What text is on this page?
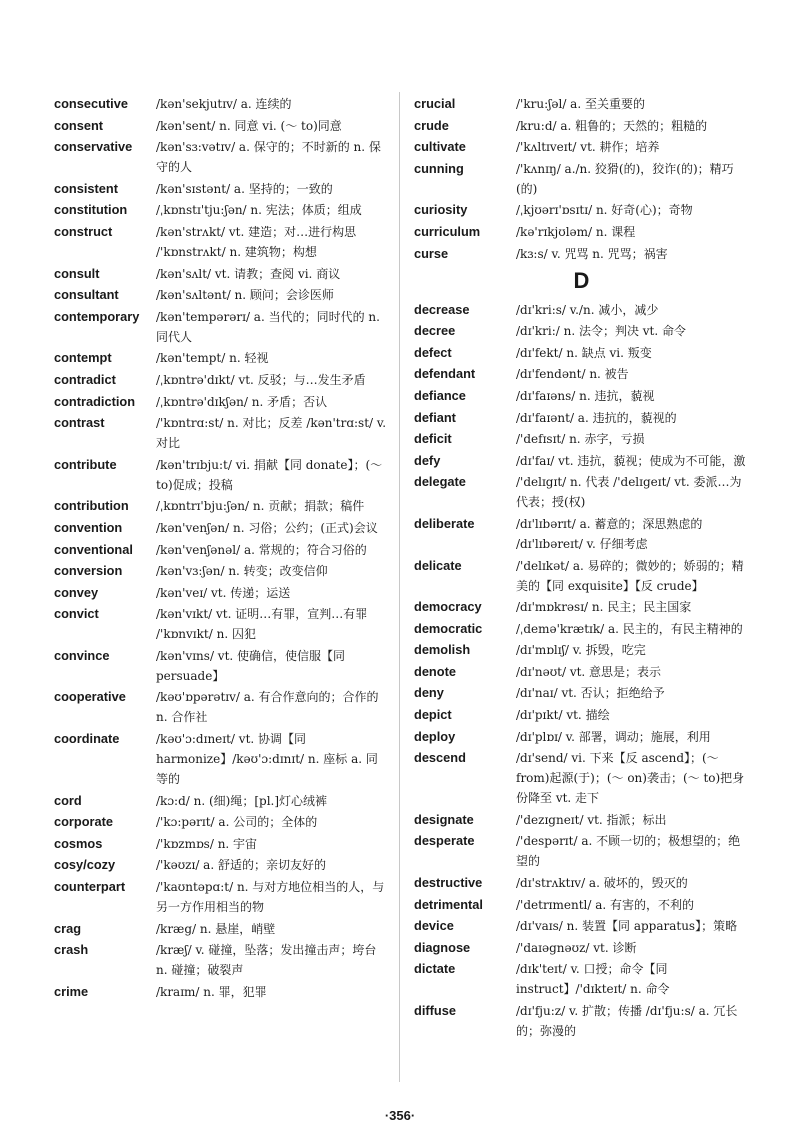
consecutive	/kən'sekjutɪv/ a. 连续的
consent	/kən'sent/ n. 同意 vi. (～ to)同意
conservative	/kən'sɜ:vətɪv/ a. 保守的；不时新的 n. 保守的人
consistent	/kən'sɪstənt/ a. 坚持的；一致的
constitution	/ˌkɒnstɪ'tju:ʃən/ n. 宪法；体质；组成
construct	/kən'strʌkt/ vt. 建造；对…进行构思 /'kɒnstrʌkt/ n. 建筑物；构想
consult	/kən'sʌlt/ vt. 请教；查阅 vi. 商议
consultant	/kən'sʌltənt/ n. 顾问；会诊医师
contemporary	/kən'tempərərɪ/ a. 当代的；同时代的 n. 同代人
contempt	/kən'tempt/ n. 轻视
contradict	/ˌkɒntrə'dɪkt/ vt. 反驳；与…发生矛盾
contradiction	/ˌkɒntrə'dɪkʃən/ n. 矛盾；否认
contrast	/'kɒntrɑ:st/ n. 对比；反差 /kən'trɑ:st/ v. 对比
contribute	/kən'trɪbju:t/ vi. 捐献【同 donate】；(～ to)促成；投稿
contribution	/ˌkɒntrɪ'bju:ʃən/ n. 贡献；捐款；稿件
convention	/kən'venʃən/ n. 习俗；公约；(正式)会议
conventional	/kən'venʃənəl/ a. 常规的；符合习俗的
conversion	/kən'vɜ:ʃən/ n. 转变；改变信仰
convey	/kən'veɪ/ vt. 传递；运送
convict	/kən'vɪkt/ vt. 证明…有罪，宣判…有罪 /'kɒnvɪkt/ n. 囚犯
convince	/kən'vɪns/ vt. 使确信，使信服【同 persuade】
cooperative	/kəʊ'ɒpərətɪv/ a. 有合作意向的；合作的 n. 合作社
coordinate	/kəʊ'ɔ:dɪneɪt/ vt. 协调【同 harmonize】/kəʊ'ɔ:dɪnɪt/ n. 座标 a. 同等的
cord	/kɔ:d/ n. (细)绳；[pl.]灯心绒裤
corporate	/'kɔ:pərɪt/ a. 公司的；全体的
cosmos	/'kɒzmɒs/ n. 宇宙
cosy/cozy	/'kəʊzɪ/ a. 舒适的；亲切友好的
counterpart	/'kaʊntəpɑ:t/ n. 与对方地位相当的人，与另一方作用相当的物
crag	/kræg/ n. 悬崖，峭壁
crash	/kræʃ/ v. 碰撞，坠落；发出撞击声；垮台 n. 碰撞；破裂声
crime	/kraɪm/ n. 罪，犯罪
crucial	/'kru:ʃəl/ a. 至关重要的
crude	/kru:d/ a. 粗鲁的；天然的；粗糙的
cultivate	/'kʌltɪveɪt/ vt. 耕作；培养
cunning	/'kʌnɪŋ/ a./n. 狡猾(的)，狡诈(的)；精巧(的)
curiosity	/ˌkjʊərɪ'ɒsɪtɪ/ n. 好奇(心)；奇物
curriculum	/kə'rɪkjʊləm/ n. 课程
curse	/kɜ:s/ v. 咒骂 n. 咒骂；祸害
D
decrease	/dɪ'kri:s/ v./n. 减小，减少
decree	/dɪ'kri:/ n. 法令；判决 vt. 命令
defect	/dɪ'fekt/ n. 缺点 vi. 叛变
defendant	/dɪ'fendənt/ n. 被告
defiance	/dɪ'faɪəns/ n. 违抗，藐视
defiant	/dɪ'faɪənt/ a. 违抗的，藐视的
deficit	/'defɪsɪt/ n. 赤字，亏损
defy	/dɪ'faɪ/ vt. 违抗，藐视；使成为不可能，激
delegate	/'delɪgɪt/ n. 代表 /'delɪgeɪt/ vt. 委派…为代表；授(权)
deliberate	/dɪ'lɪbərɪt/ a. 蓄意的；深思熟虑的 /dɪ'lɪbəreɪt/ v. 仔细考虑
delicate	/'delɪkət/ a. 易碎的；微妙的；娇弱的；精美的【同 exquisite】【反 crude】
democracy	/dɪ'mɒkrəsɪ/ n. 民主；民主国家
democratic	/ˌdemə'krætɪk/ a. 民主的，有民主精神的
demolish	/dɪ'mɒlɪʃ/ v. 拆毁，吃完
denote	/dɪ'nəʊt/ vt. 意思是；表示
deny	/dɪ'naɪ/ vt. 否认；拒绝给予
depict	/dɪ'pɪkt/ vt. 描绘
deploy	/dɪ'plɒɪ/ v. 部署，调动；施展，利用
descend	/dɪ'send/ vi. 下来【反 ascend】；(～ from)起源(于)；(～ on)袭击；(～ to)把身份降至 vt. 走下
designate	/'dezɪgneɪt/ vt. 指派；标出
desperate	/'despərɪt/ a. 不顾一切的；极想望的；绝望的
destructive	/dɪ'strʌktɪv/ a. 破坏的，毁灭的
detrimental	/'detrɪmentl/ a. 有害的，不利的
device	/dɪ'vaɪs/ n. 装置【同 apparatus】；策略
diagnose	/'daɪəgnəʊz/ vt. 诊断
dictate	/dɪk'teɪt/ v. 口授；命令【同 instruct】/'dɪkteɪt/ n. 命令
diffuse	/dɪ'fju:z/ v. 扩散；传播 /dɪ'fju:s/ a. 冗长的；弥漫的
·356·
